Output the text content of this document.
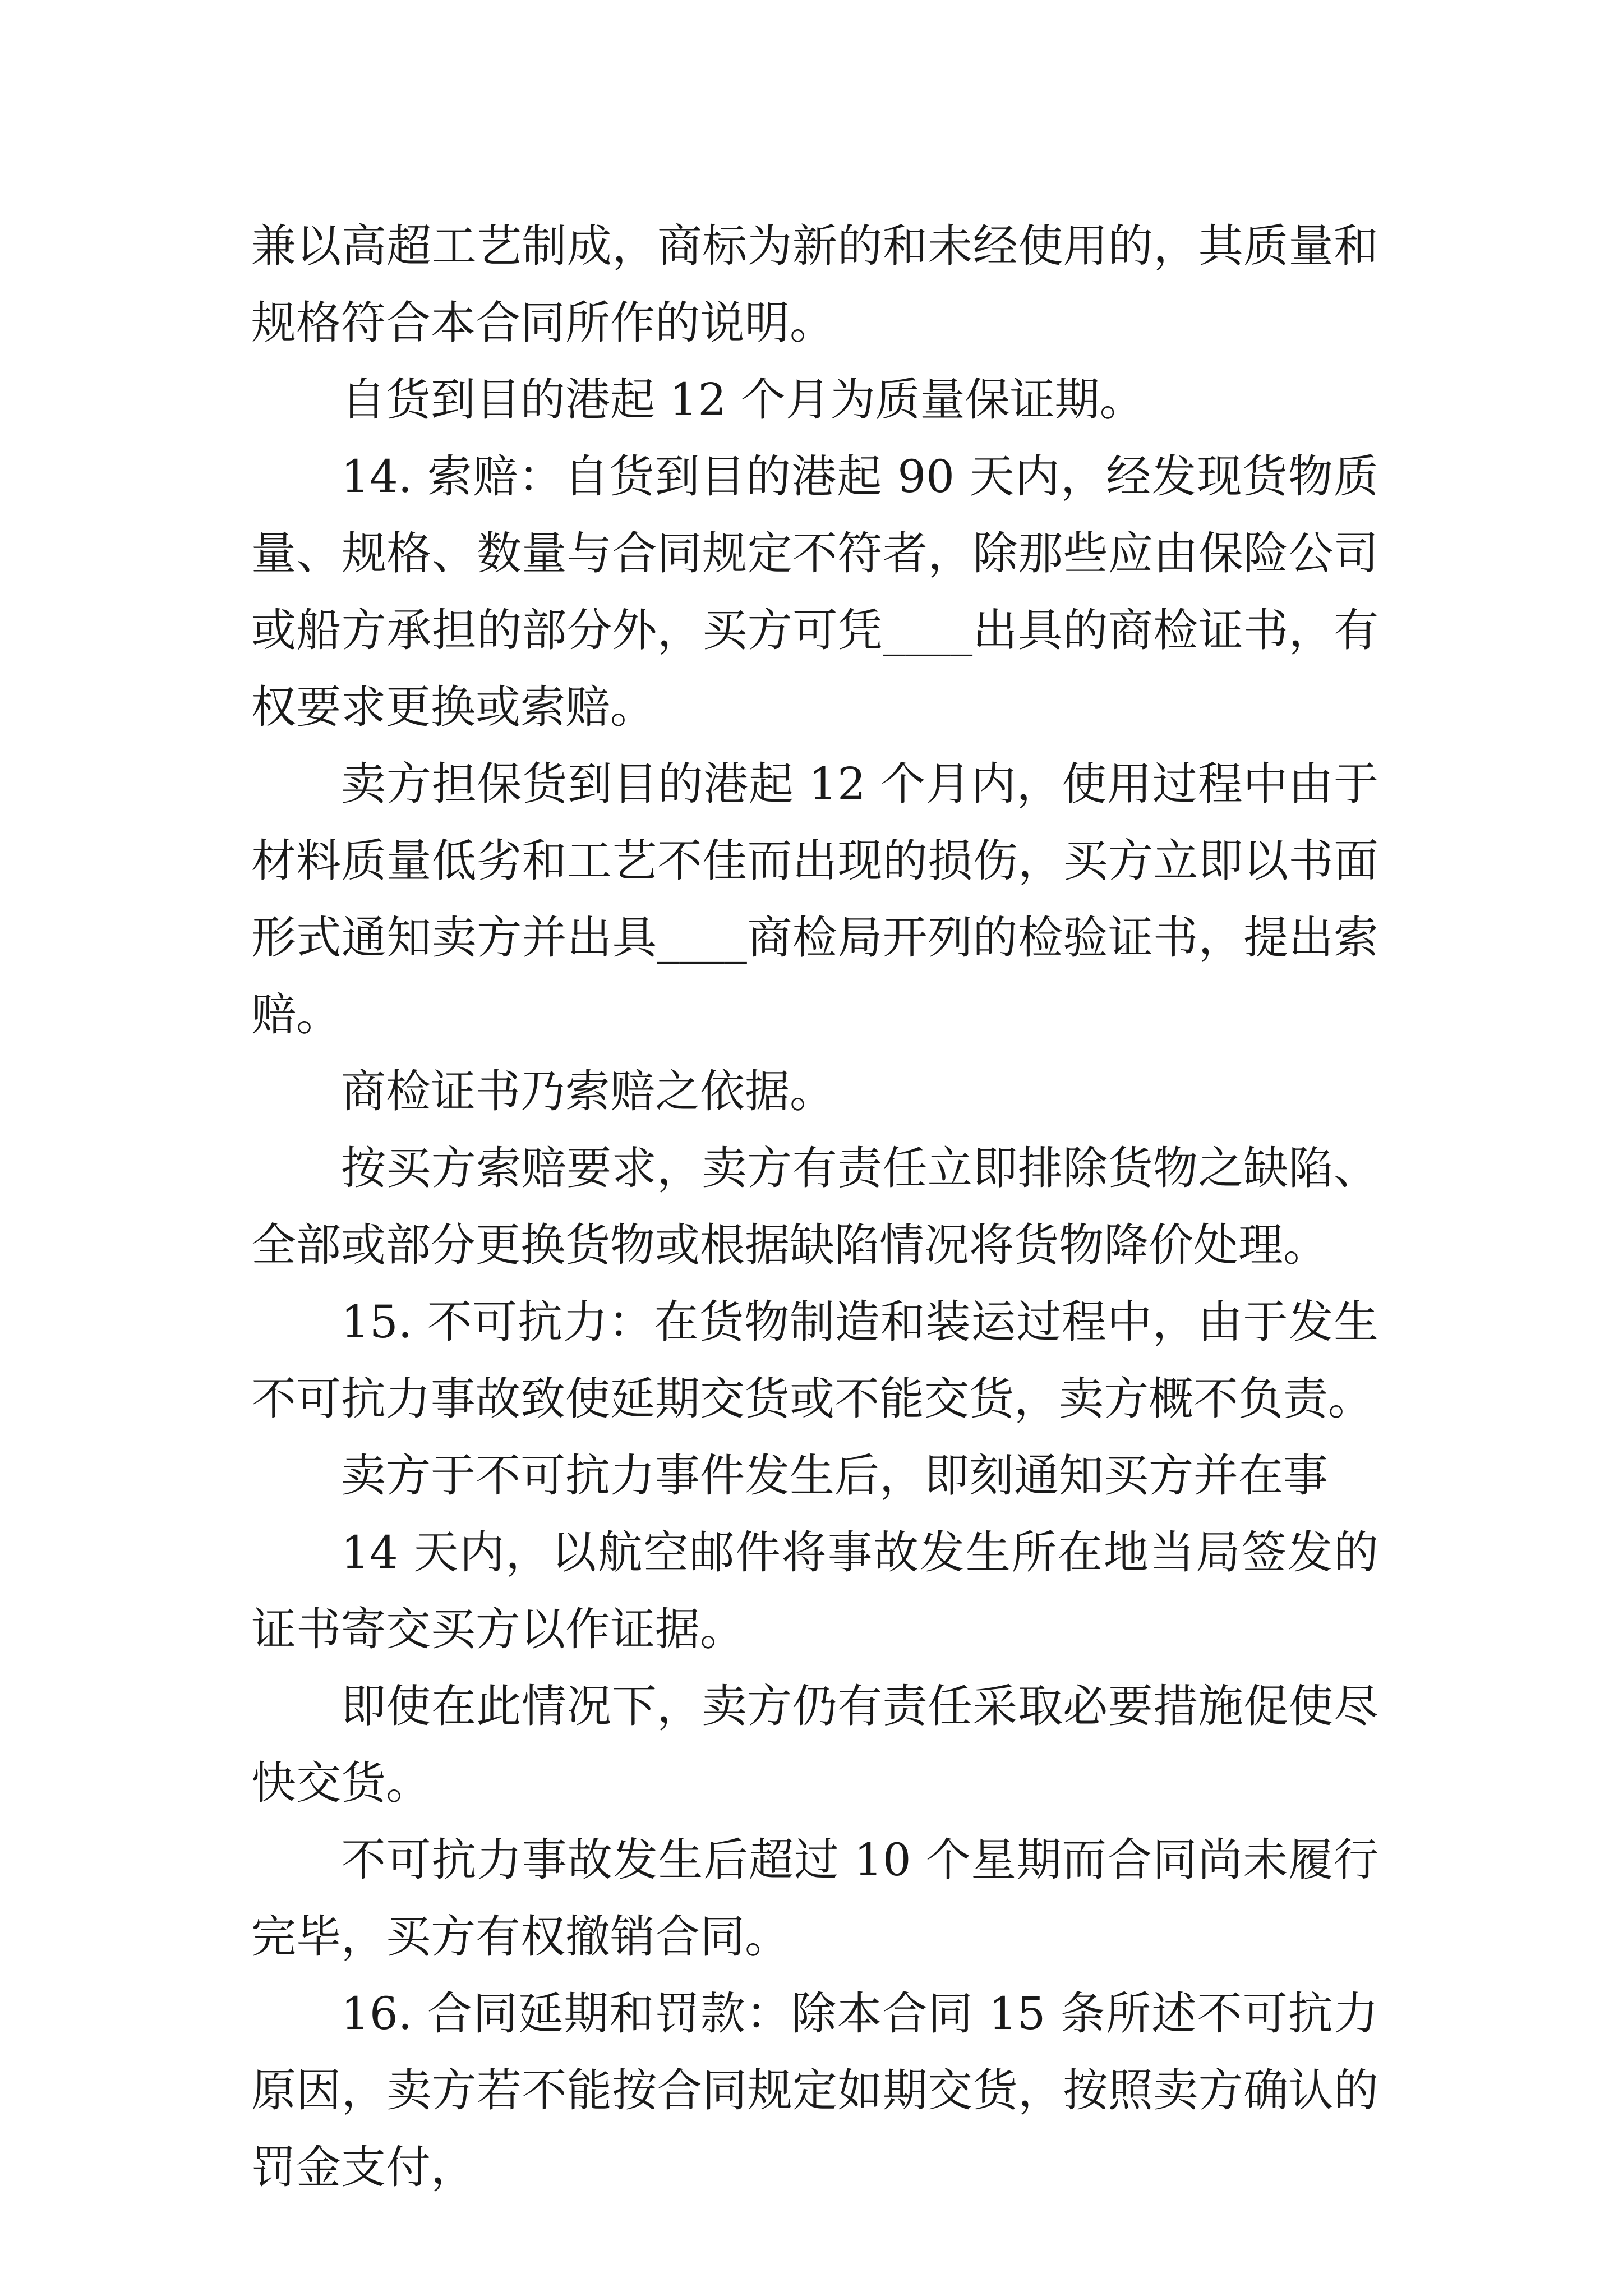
兼以高超工艺制成，商标为新的和未经使用的，其质量和规格符合本合同所作的说明。

自货到目的港起 12 个月为质量保证期。

14. 索赔：自货到目的港起 90 天内，经发现货物质量、规格、数量与合同规定不符者，除那些应由保险公司或船方承担的部分外，买方可凭____出具的商检证书，有权要求更换或索赔。

卖方担保货到目的港起 12 个月内，使用过程中由于材料质量低劣和工艺不佳而出现的损伤，买方立即以书面形式通知卖方并出具____商检局开列的检验证书，提出索赔。

商检证书乃索赔之依据。

按买方索赔要求，卖方有责任立即排除货物之缺陷、全部或部分更换货物或根据缺陷情况将货物降价处理。

15. 不可抗力：在货物制造和装运过程中，由于发生不可抗力事故致使延期交货或不能交货，卖方概不负责。

卖方于不可抗力事件发生后，即刻通知买方并在事

14 天内，以航空邮件将事故发生所在地当局签发的证书寄交买方以作证据。

即使在此情况下，卖方仍有责任采取必要措施促使尽快交货。

不可抗力事故发生后超过 10 个星期而合同尚未履行完毕，买方有权撤销合同。

16. 合同延期和罚款：除本合同 15 条所述不可抗力原因，卖方若不能按合同规定如期交货，按照卖方确认的罚金支付，
